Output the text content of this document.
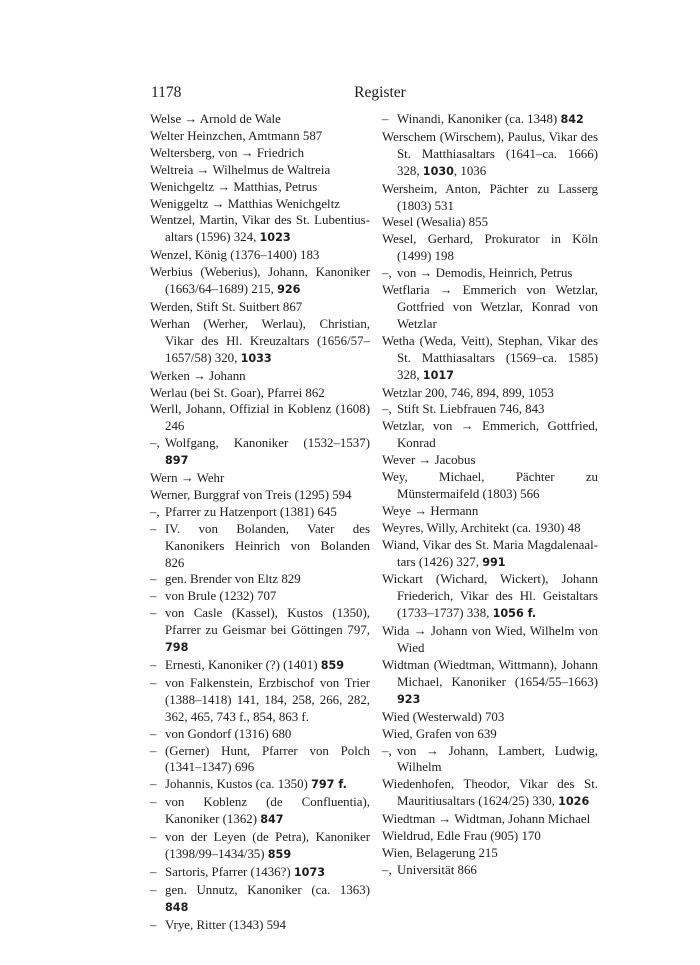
1178	Register

Welse → Arnold de Wale

Welter Heinzchen, Amtmann 587

Weltersberg, von → Friedrich

Weltreia → Wilhelmus de Waltreia

Wenichgeltz → Matthias, Petrus

Weniggeltz → Matthias Wenichgeltz

Wentzel, Martin, Vikar des St. Lubentius-altars (1596) 324, 1023

Wenzel, König (1376–1400) 183

Werbius (Weberius), Johann, Kanoniker (1663/64–1689) 215, 926

Werden, Stift St. Suitbert 867

Werhan (Werher, Werlau), Christian, Vikar des Hl. Kreuzaltars (1656/57–1657/58) 320, 1033

Werken → Johann

Werlau (bei St. Goar), Pfarrei 862

Werll, Johann, Offizial in Koblenz (1608) 246

–, Wolfgang, Kanoniker (1532–1537) 897

Wern → Wehr

Werner, Burggraf von Treis (1295) 594

–, Pfarrer zu Hatzenport (1381) 645

– IV. von Bolanden, Vater des Kanonikers Heinrich von Bolanden 826

– gen. Brender von Eltz 829

– von Brule (1232) 707

– von Casle (Kassel), Kustos (1350), Pfarrer zu Geismar bei Göttingen 797, 798

– Ernesti, Kanoniker (?) (1401) 859

– von Falkenstein, Erzbischof von Trier (1388–1418) 141, 184, 258, 266, 282, 362, 465, 743 f., 854, 863 f.

– von Gondorf (1316) 680

– (Gerner) Hunt, Pfarrer von Polch (1341–1347) 696

– Johannis, Kustos (ca. 1350) 797 f.

– von Koblenz (de Confluentia), Kanoniker (1362) 847

– von der Leyen (de Petra), Kanoniker (1398/99–1434/35) 859

– Sartoris, Pfarrer (1436?) 1073

– gen. Unnutz, Kanoniker (ca. 1363) 848

– Vrye, Ritter (1343) 594

– Winandi, Kanoniker (ca. 1348) 842

Werschem (Wirschem), Paulus, Vikar des St. Matthiasaltars (1641–ca. 1666) 328, 1030, 1036

Wersheim, Anton, Pächter zu Lasserg (1803) 531

Wesel (Wesalia) 855

Wesel, Gerhard, Prokurator in Köln (1499) 198

–, von → Demodis, Heinrich, Petrus

Wetflaria → Emmerich von Wetzlar, Gottfried von Wetzlar, Konrad von Wetzlar

Wetha (Weda, Veitt), Stephan, Vikar des St. Matthiasaltars (1569–ca. 1585) 328, 1017

Wetzlar 200, 746, 894, 899, 1053

–, Stift St. Liebfrauen 746, 843

Wetzlar, von → Emmerich, Gottfried, Konrad

Wever → Jacobus

Wey, Michael, Pächter zu Münstermaifeld (1803) 566

Weye → Hermann

Weyres, Willy, Architekt (ca. 1930) 48

Wiand, Vikar des St. Maria Magdalenaal-tars (1426) 327, 991

Wickart (Wichard, Wickert), Johann Friederich, Vikar des Hl. Geistaltars (1733–1737) 338, 1056 f.

Wida → Johann von Wied, Wilhelm von Wied

Widtman (Wiedtman, Wittmann), Johann Michael, Kanoniker (1654/55–1663) 923

Wied (Westerwald) 703

Wied, Grafen von 639

–, von → Johann, Lambert, Ludwig, Wilhelm

Wiedenhofen, Theodor, Vikar des St. Mauritiusaltars (1624/25) 330, 1026

Wiedtman → Widtman, Johann Michael

Wieldrud, Edle Frau (905) 170

Wien, Belagerung 215

–, Universität 866
